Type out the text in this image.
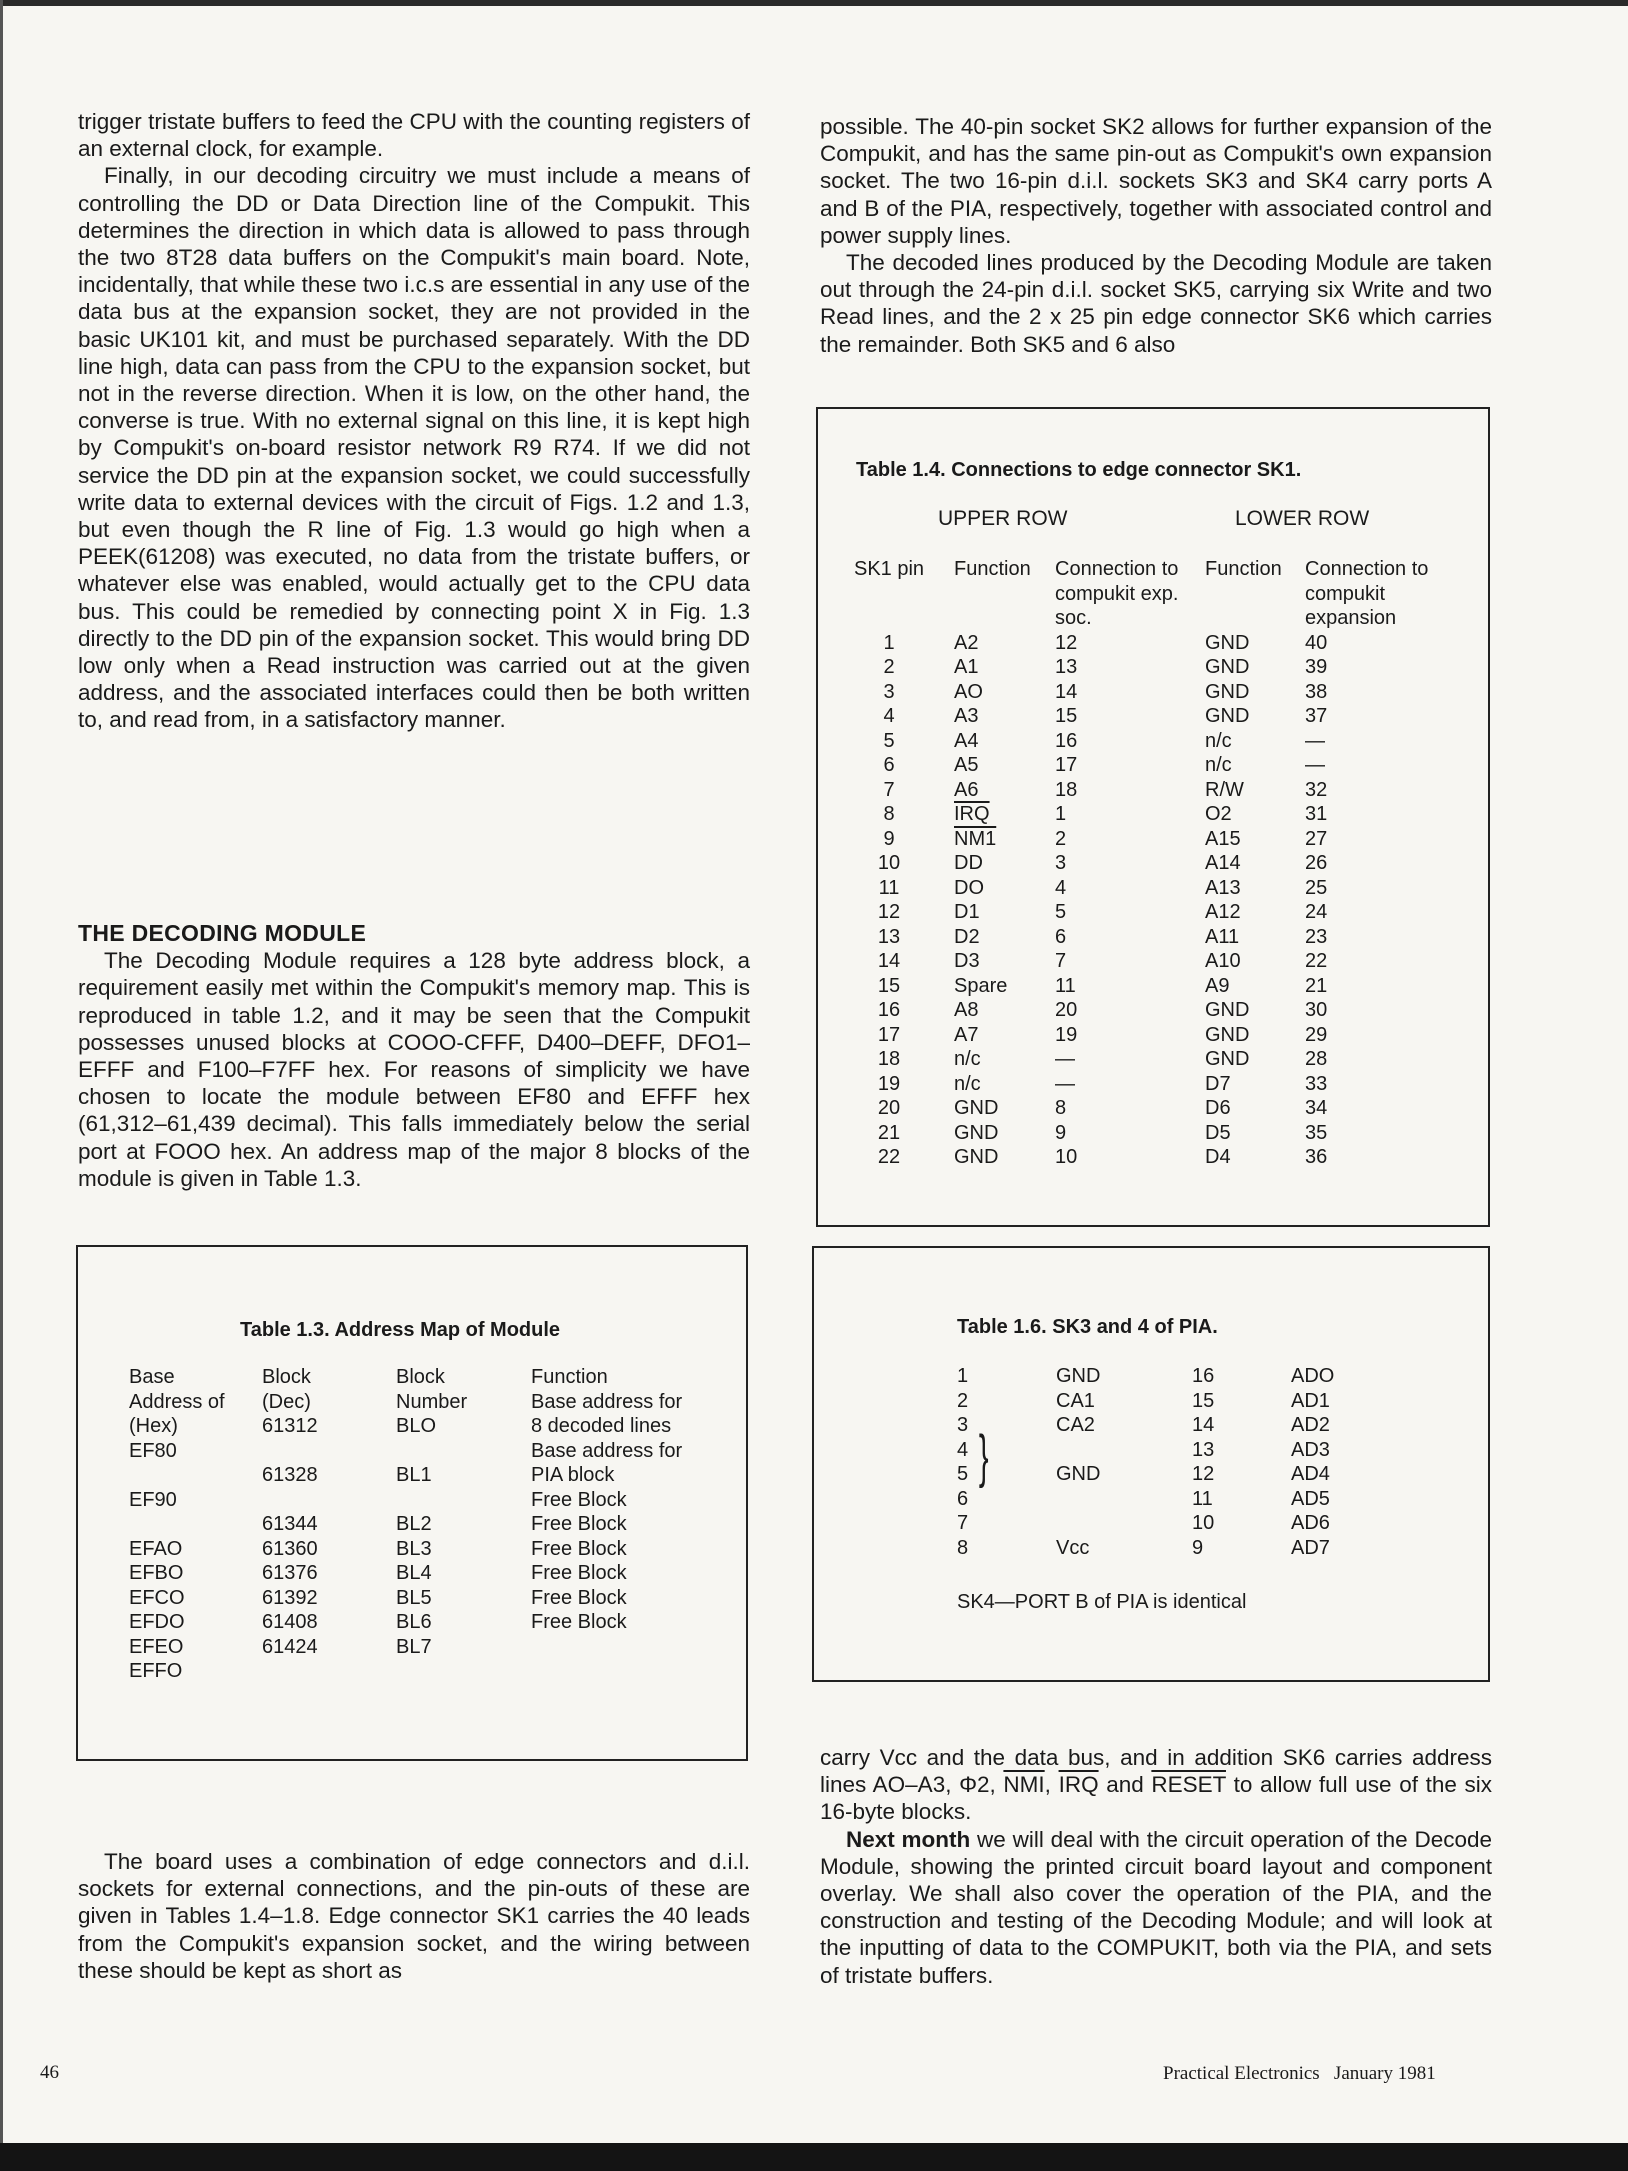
trigger tristate buffers to feed the CPU with the counting registers of an external clock, for example.

Finally, in our decoding circuitry we must include a means of controlling the DD or Data Direction line of the Compukit. This determines the direction in which data is allowed to pass through the two 8T28 data buffers on the Compukit's main board. Note, incidentally, that while these two i.c.s are essential in any use of the data bus at the expansion socket, they are not provided in the basic UK101 kit, and must be purchased separately. With the DD line high, data can pass from the CPU to the expansion socket, but not in the reverse direction. When it is low, on the other hand, the converse is true. With no external signal on this line, it is kept high by Compukit's on-board resistor network R9 R74. If we did not service the DD pin at the expansion socket, we could successfully write data to external devices with the circuit of Figs. 1.2 and 1.3, but even though the R line of Fig. 1.3 would go high when a PEEK(61208) was executed, no data from the tristate buffers, or whatever else was enabled, would actually get to the CPU data bus. This could be remedied by connecting point X in Fig. 1.3 directly to the DD pin of the expansion socket. This would bring DD low only when a Read instruction was carried out at the given address, and the associated interfaces could then be both written to, and read from, in a satisfactory manner.

THE DECODING MODULE

The Decoding Module requires a 128 byte address block, a requirement easily met within the Compukit's memory map. This is reproduced in table 1.2, and it may be seen that the Compukit possesses unused blocks at COOO-CFFF, D400–DEFF, DFO1–EFFF and F100–F7FF hex. For reasons of simplicity we have chosen to locate the module between EF80 and EFFF hex (61,312–61,439 decimal). This falls immediately below the serial port at FOOO hex. An address map of the major 8 blocks of the module is given in Table 1.3.

Table 1.3. Address Map of Module
Base
Address of
(Hex)
EF80

EF90

EFAO
EFBO
EFCO
EFDO
EFEO
EFFO
Block
(Dec)
61312

61328

61344
61360
61376
61392
61408
61424
Block
Number
BLO

BL1

BL2
BL3
BL4
BL5
BL6
BL7
Function
Base address for
8 decoded lines
Base address for
PIA block
Free Block
Free Block
Free Block
Free Block
Free Block
Free Block

The board uses a combination of edge connectors and d.i.l. sockets for external connections, and the pin-outs of these are given in Tables 1.4–1.8. Edge connector SK1 carries the 40 leads from the Compukit's expansion socket, and the wiring between these should be kept as short as

possible. The 40-pin socket SK2 allows for further expansion of the Compukit, and has the same pin-out as Compukit's own expansion socket. The two 16-pin d.i.l. sockets SK3 and SK4 carry ports A and B of the PIA, respectively, together with associated control and power supply lines.

The decoded lines produced by the Decoding Module are taken out through the 24-pin d.i.l. socket SK5, carrying six Write and two Read lines, and the 2 x 25 pin edge connector SK6 which carries the remainder. Both SK5 and 6 also

Table 1.4. Connections to edge connector SK1.
UPPER ROW	LOWER ROW
SK1 pin

1
2
3
4
5
6
7
8
9
10
11
12
13
14
15
16
17
18
19
20
21
22
Function

A2
A1
AO
A3
A4
A5
A6
$\overline{IRQ}$
NM1
DD
DO
D1
D2
D3
Spare
A8
A7
n/c
n/c
GND
GND
GND
Connection to
compukit exp.
soc.
12
13
14
15
16
17
18
1
2
3
4
5
6
7
11
20
19
—
—
8
9
10
Function

GND
GND
GND
GND
n/c
n/c
R/W
O2
A15
A14
A13
A12
A11
A10
A9
GND
GND
GND
D7
D6
D5
D4
Connection to
compukit
expansion
40
39
38
37
—
—
32
31
27
26
25
24
23
22
21
30
29
28
33
34
35
36
Table 1.6. SK3 and 4 of PIA.
1
2
3
4
5
6
7
8
GND
CA1
CA2

GND

Vcc
16
15
14
13
12
11
10
9
ADO
AD1
AD2
AD3
AD4
AD5
AD6
AD7
}
SK4—PORT B of PIA is identical

carry Vcc and the data bus, and in addition SK6 carries address lines AO–A3, Φ2, $\overline{NMI}$, $\overline{IRQ}$ and RESET to allow full use of the six 16-byte blocks.

Next month we will deal with the circuit operation of the Decode Module, showing the printed circuit board layout and component overlay. We shall also cover the operation of the PIA, and the construction and testing of the Decoding Module; and will look at the inputting of data to the COMPUKIT, both via the PIA, and sets of tristate buffers.

46	Practical Electronics   January 1981
